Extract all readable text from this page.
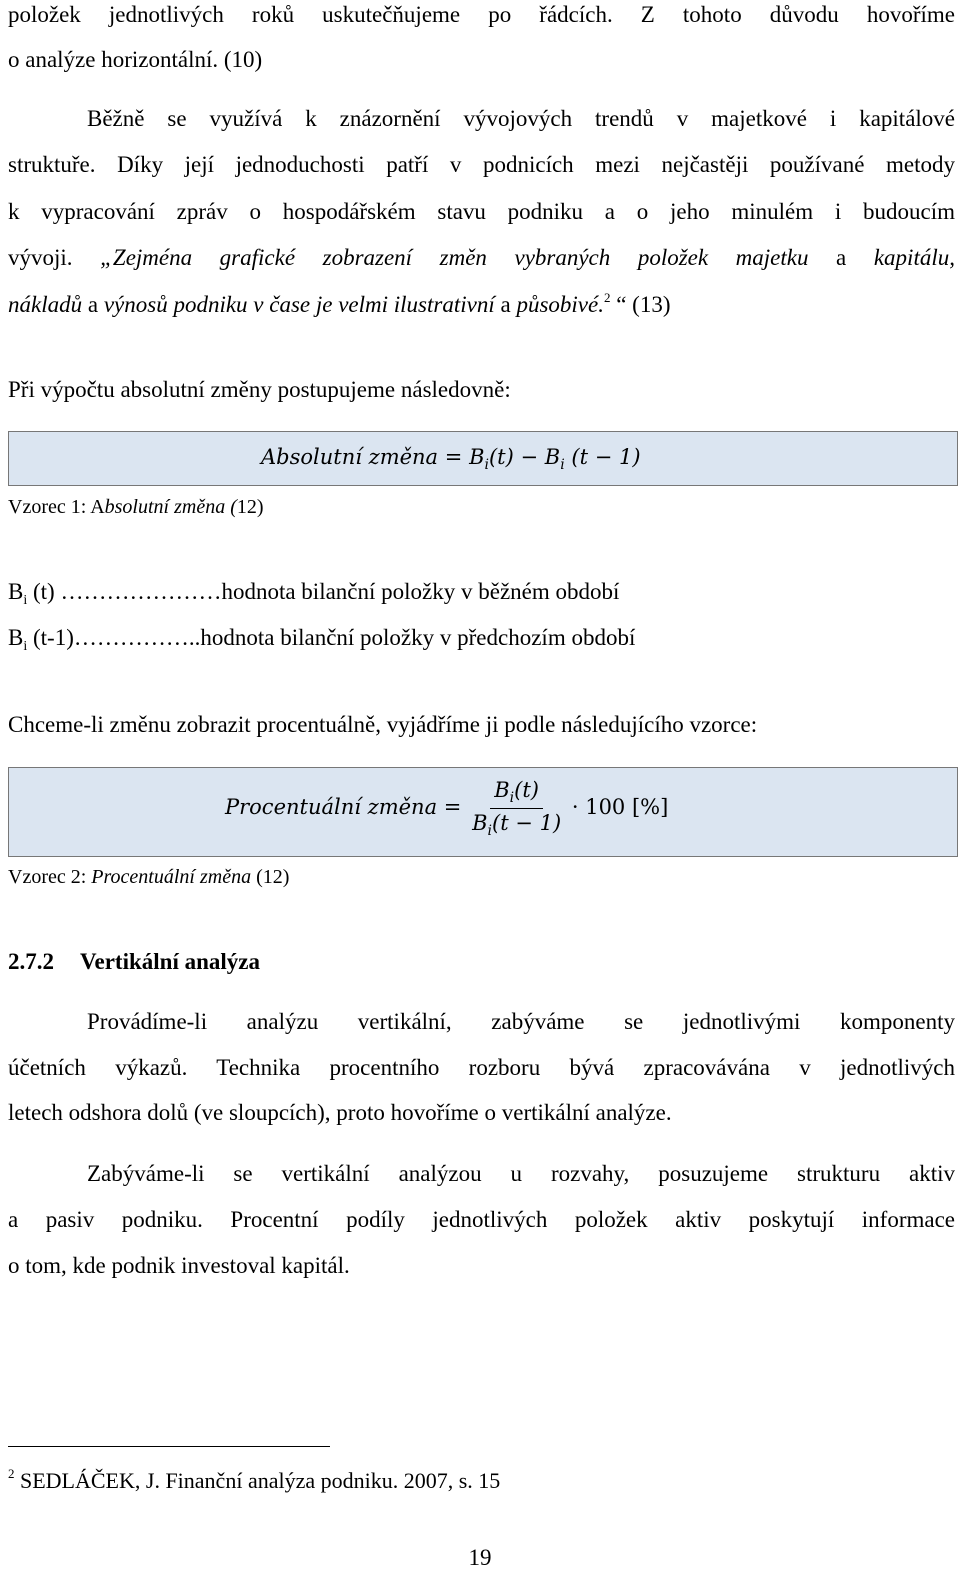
položek jednotlivých roků uskutečňujeme po řádcích. Z tohoto důvodu hovoříme
o analýze horizontální. (10)
Běžně se využívá k znázornění vývojových trendů v majetkové i kapitálové
struktuře. Díky její jednoduchosti patří v podnicích mezi nejčastěji používané metody
k vypracování zpráv o hospodářském stavu podniku a o jeho minulém i budoucím
vývoji. „Zejména grafické zobrazení změn vybraných položek majetku a kapitálu,
nákladů a výnosů podniku v čase je velmi ilustrativní a působivé.$^2$ “ (13)
Při výpočtu absolutní změny postupujeme následovně:
Absolutní změna = $B_i(t) - B_i$ (t − 1)
Vzorec 1: Absolutní změna (12)
$B_i$ (t) …………………hodnota bilanční položky v běžném období
$B_i$ (t-1)……………..hodnota bilanční položky v předchozím období
Chceme-li změnu zobrazit procentuálně, vyjádříme ji podle následujícího vzorce:
Procentuální změna = $\frac{B_i(t)}{B_i(t - 1)} \cdot 100$ [%]
Vzorec 2: Procentuální změna (12)
2.7.2 Vertikální analýza
Provádíme-li analýzu vertikální, zabýváme se jednotlivými komponenty
účetních výkazů. Technika procentního rozboru bývá zpracovávána v jednotlivých
letech odshora dolů (ve sloupcích), proto hovoříme o vertikální analýze.
Zabýváme-li se vertikální analýzou u rozvahy, posuzujeme strukturu aktiv
a pasiv podniku. Procentní podíly jednotlivých položek aktiv poskytují informace
o tom, kde podnik investoval kapitál.
$^2$ SEDLÁČEK, J. Finanční analýza podniku. 2007, s. 15
19
